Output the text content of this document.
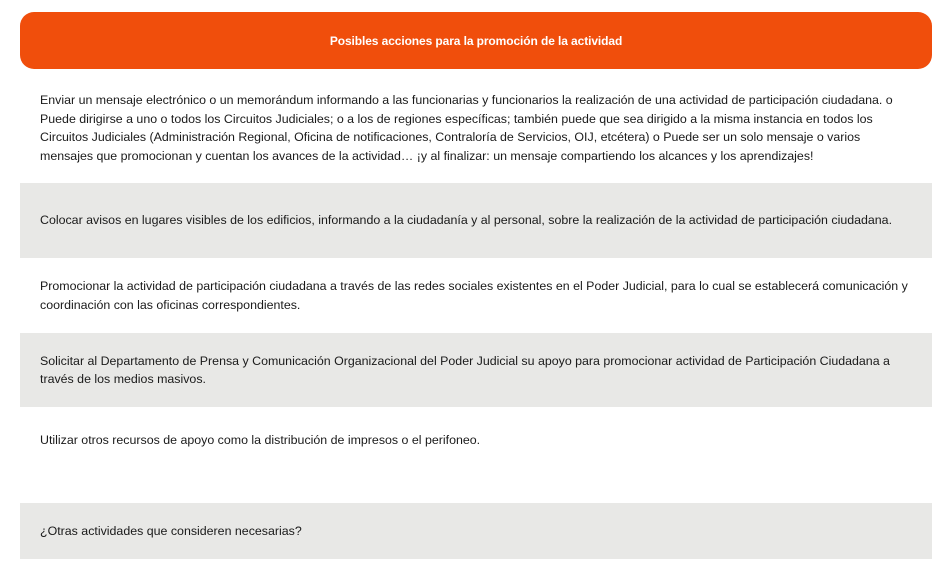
Posibles acciones para la promoción de la actividad
Enviar un mensaje electrónico o un memorándum informando a las funcionarias y funcionarios la realización de una actividad de participación ciudadana. o Puede dirigirse a uno o todos los Circuitos Judiciales; o a los de regiones específicas; también puede que sea dirigido a la misma instancia en todos los Circuitos Judiciales (Administración Regional, Oficina de notificaciones, Contraloría de Servicios, OIJ, etcétera) o Puede ser un solo mensaje o varios mensajes que promocionan y cuentan los avances de la actividad… ¡y al finalizar: un mensaje compartiendo los alcances y los aprendizajes!
Colocar avisos en lugares visibles de los edificios, informando a la ciudadanía y al personal, sobre la realización de la actividad de participación ciudadana.
Promocionar la actividad de participación ciudadana a través de las redes sociales existentes en el Poder Judicial, para lo cual se establecerá comunicación y coordinación con las oficinas correspondientes.
Solicitar al Departamento de Prensa y Comunicación Organizacional del Poder Judicial su apoyo para promocionar actividad de Participación Ciudadana a través de los medios masivos.
Utilizar otros recursos de apoyo como la distribución de impresos o el perifoneo.
¿Otras actividades que consideren necesarias?
